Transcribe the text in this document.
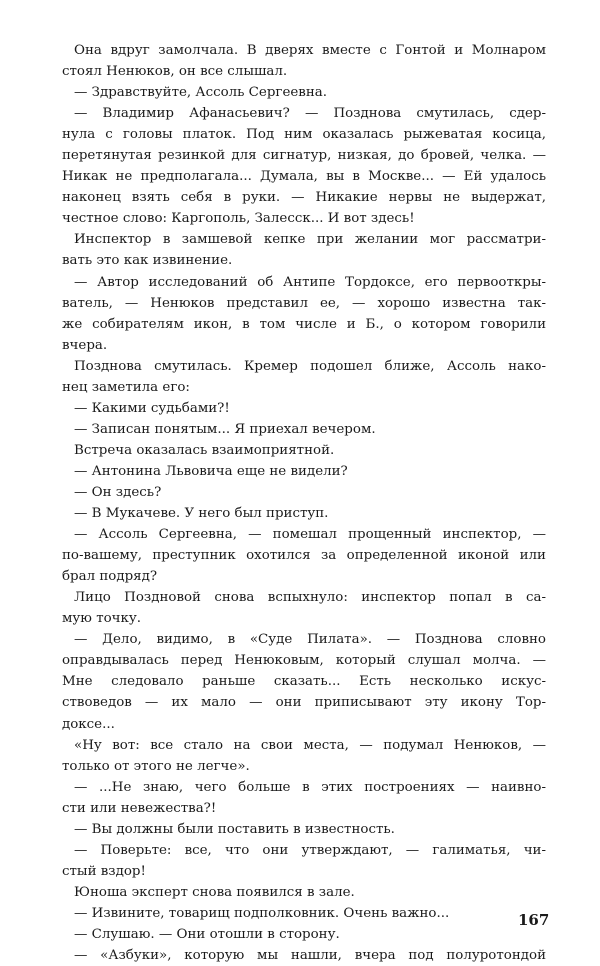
Она вдруг замолчала. В дверях вместе с Гонтой и Молнаром
стоял Ненюков, он все слышал.
— Здравствуйте, Ассоль Сергеевна.
— Владимир Афанасьевич? — Позднова смутилась, сдер-
нула с головы платок. Под ним оказалась рыжеватая косица,
перетянутая резинкой для сигнатур, низкая, до бровей, челка. —
Никак не предполагала... Думала, вы в Москве... — Ей удалось
наконец взять себя в руки. — Никакие нервы не выдержат,
честное слово: Каргополь, Залесск... И вот здесь!
Инспектор в замшевой кепке при желании мог рассматри-
вать это как извинение.
— Автор исследований об Антипе Тордоксе, его первооткры-
ватель, — Ненюков представил ее, — хорошо известна так-
же собирателям икон, в том числе и Б., о котором говорили
вчера.
Позднова смутилась. Кремер подошел ближе, Ассоль нако-
нец заметила его:
— Какими судьбами?!
— Записан понятым... Я приехал вечером.
Встреча оказалась взаимоприятной.
— Антонина Львовича еще не видели?
— Он здесь?
— В Мукачеве. У него был приступ.
— Ассоль Сергеевна, — помешал прощенный инспектор, —
по-вашему, преступник охотился за определенной иконой или
брал подряд?
Лицо Поздновой снова вспыхнуло: инспектор попал в са-
мую точку.
— Дело, видимо, в «Суде Пилата». — Позднова словно
оправдывалась перед Ненюковым, который слушал молча. —
Мне следовало раньше сказать... Есть несколько искус-
ствоведов — их мало — они приписывают эту икону Тор-
доксе...
«Ну вот: все стало на свои места, — подумал Ненюков, —
только от этого не легче».
— ...Не знаю, чего больше в этих построениях — наивно-
сти или невежества?!
— Вы должны были поставить в известность.
— Поверьте: все, что они утверждают, — галиматья, чи-
стый вздор!
Юноша эксперт снова появился в зале.
— Извините, товарищ подполковник. Очень важно...
— Слушаю. — Они отошли в сторону.
— «Азбуки», которую мы нашли, вчера под полуротондой
167
